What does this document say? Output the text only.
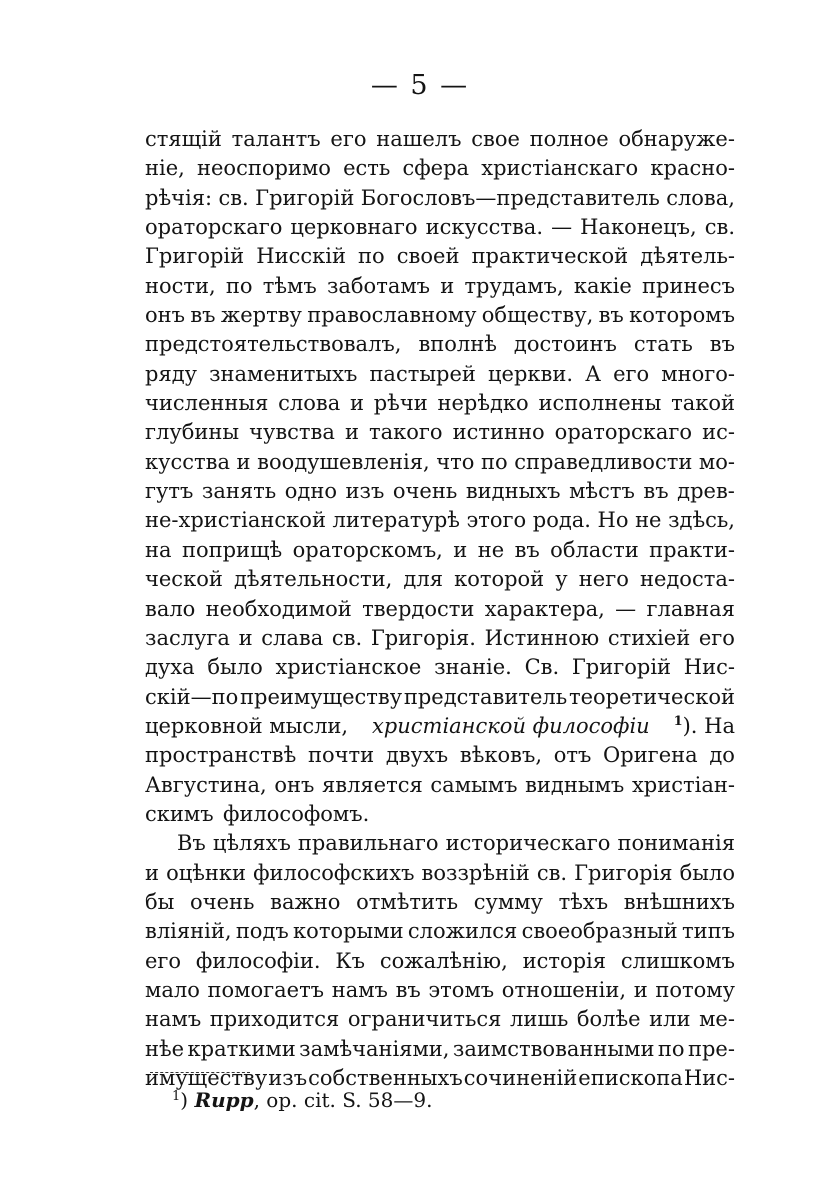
— 5 —
стящій талантъ его нашелъ свое полное обнаруже-
ніе, неоспоримо есть сфера христіанскаго красно-
рѣчія: св. Григорій Богословъ—представитель слова,
ораторскаго церковнаго искусства. — Наконецъ, св.
Григорій Нисскій по своей практической дѣятель-
ности, по тѣмъ заботамъ и трудамъ, какіе принесъ
онъ въ жертву православному обществу, въ которомъ
предстоятельствовалъ, вполнѣ достоинъ стать въ
ряду знаменитыхъ пастырей церкви. А его много-
численныя слова и рѣчи нерѣдко исполнены такой
глубины чувства и такого истинно ораторскаго ис-
кусства и воодушевленія, что по справедливости мо-
гутъ занять одно изъ очень видныхъ мѣстъ въ древ-
не-христіанской литературѣ этого рода. Но не здѣсь,
на поприщѣ ораторскомъ, и не въ области практи-
ческой дѣятельности, для которой у него недоста-
вало необходимой твердости характера, — главная
заслуга и слава св. Григорія. Истинною стихіей его
духа было христіанское знаніе. Св. Григорій Нис-
скій—по преимуществу представитель теоретической
церковной мысли, христіанской философіи $^1$). На
пространствѣ почти двухъ вѣковъ, отъ Оригена до
Августина, онъ является самымъ виднымъ христіан-
скимъ философомъ.
Въ цѣляхъ правильнаго историческаго пониманія
и оцѣнки философскихъ воззрѣній св. Григорія было
бы очень важно отмѣтить сумму тѣхъ внѣшнихъ
вліяній, подъ которыми сложился своеобразный типъ
его философіи. Къ сожалѣнію, исторія слишкомъ
мало помогаетъ намъ въ этомъ отношеніи, и потому
намъ приходится ограничиться лишь болѣе или ме-
нѣе краткими замѣчаніями, заимствованными по пре-
имуществу изъ собственныхъ сочиненій епископа Нис-
$^1$) Rupp, op. cit. S. 58—9.
